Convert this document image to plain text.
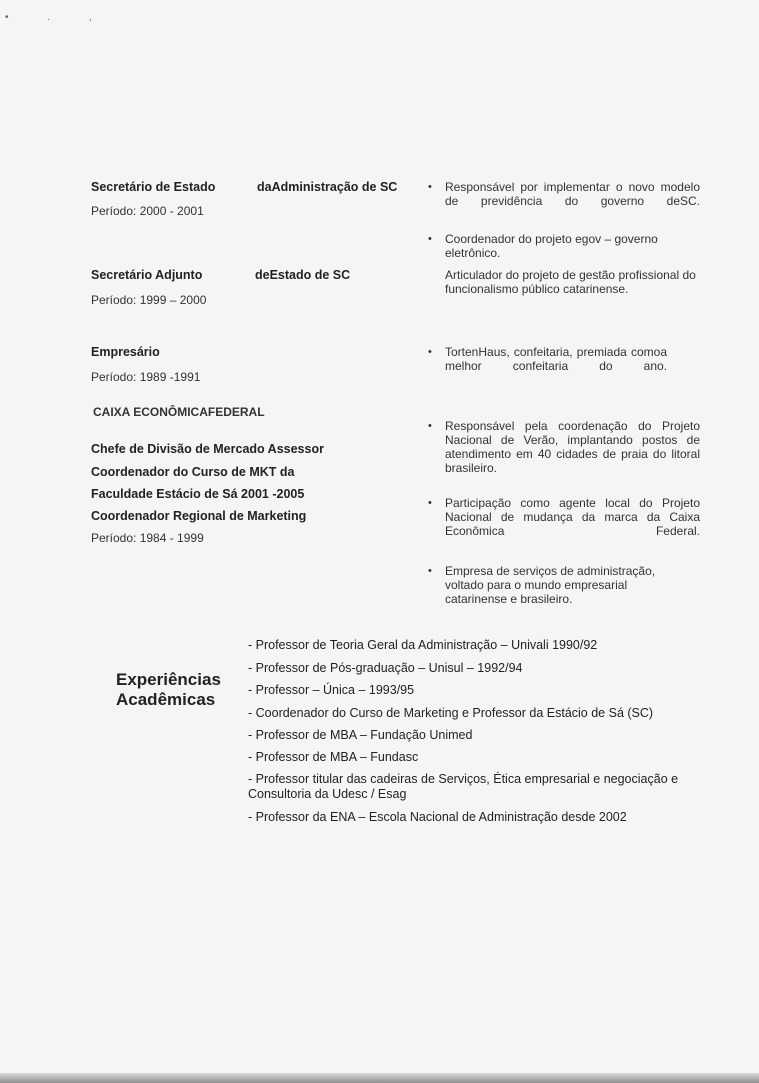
• . ,
Secretário de Estado	daAdministração de SC
Período: 2000 - 2001
Secretário Adjunto	deEstado de SC
Período: 1999 – 2000
Empresário
Período: 1989 -1991
CAIXA ECONÔMICAFEDERAL
Chefe de Divisão de Mercado Assessor
Coordenador do Curso de MKT da
Faculdade Estácio de Sá 2001 -2005
Coordenador Regional de Marketing
Período: 1984 - 1999
• Responsável por implementar o novo modelo de previdência do governo deSC.
• Coordenador do projeto egov – governo eletrônico.
Articulador do projeto de gestão profissional do funcionalismo público catarinense.
• TortenHaus, confeitaria, premiada comoa melhor confeitaria do ano.
• Responsável pela coordenação do Projeto Nacional de Verão, implantando postos de atendimento em 40 cidades de praia do litoral brasileiro.
• Participação como agente local do Projeto Nacional de mudança da marca da Caixa Econômica Federal.
• Empresa de serviços de administração, voltado para o mundo empresarial catarinense e brasileiro.
Experiências
Acadêmicas
- Professor de Teoria Geral da Administração – Univali 1990/92
- Professor de Pós-graduação – Unisul – 1992/94
- Professor – Única – 1993/95
- Coordenador do Curso de Marketing e Professor da Estácio de Sá (SC)
- Professor de MBA – Fundação Unimed
- Professor de MBA – Fundasc
- Professor titular das cadeiras de Serviços, Ética empresarial e negociação e Consultoria da Udesc / Esag
- Professor da ENA – Escola Nacional de Administração desde 2002
